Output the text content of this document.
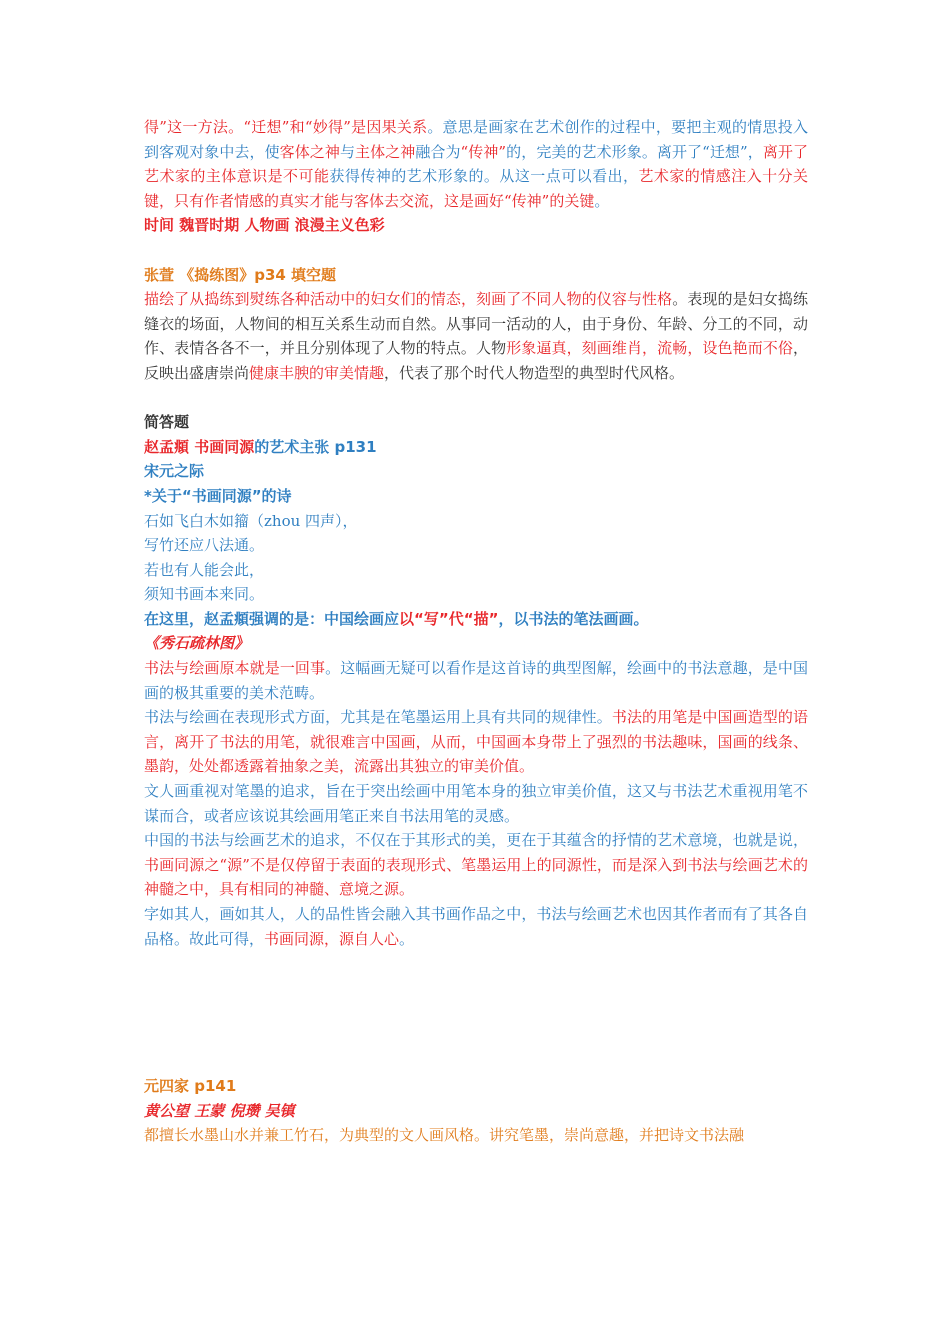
得”这一方法。“迁想”和“妙得”是因果关系。意思是画家在艺术创作的过程中，要把主观的情思投入到客观对象中去，使客体之神与主体之神融合为“传神”的，完美的艺术形象。离开了“迁想”，离开了艺术家的主体意识是不可能获得传神的艺术形象的。从这一点可以看出，艺术家的情感注入十分关键，只有作者情感的真实才能与客体去交流，这是画好“传神”的关键。

时间 魏晋时期 人物画 浪漫主义色彩

张萱 《捣练图》p34 填空题

描绘了从捣练到熨练各种活动中的妇女们的情态，刻画了不同人物的仪容与性格。表现的是妇女捣练缝衣的场面，人物间的相互关系生动而自然。从事同一活动的人，由于身份、年龄、分工的不同，动作、表情各各不一，并且分别体现了人物的特点。人物形象逼真，刻画维肖，流畅，设色艳而不俗，反映出盛唐崇尚健康丰腴的审美情趣，代表了那个时代人物造型的典型时代风格。

简答题

赵孟頫 书画同源的艺术主张 p131

宋元之际

*关于“书画同源”的诗

石如飞白木如籀（zhou 四声），

写竹还应八法通。

若也有人能会此，

须知书画本来同。

在这里，赵孟頫强调的是：中国绘画应以“写”代“描”，以书法的笔法画画。

《秀石疏林图》

书法与绘画原本就是一回事。这幅画无疑可以看作是这首诗的典型图解，绘画中的书法意趣，是中国画的极其重要的美术范畴。

书法与绘画在表现形式方面，尤其是在笔墨运用上具有共同的规律性。书法的用笔是中国画造型的语言，离开了书法的用笔，就很难言中国画，从而，中国画本身带上了强烈的书法趣味，国画的线条、墨韵，处处都透露着抽象之美，流露出其独立的审美价值。

文人画重视对笔墨的追求，旨在于突出绘画中用笔本身的独立审美价值，这又与书法艺术重视用笔不谋而合，或者应该说其绘画用笔正来自书法用笔的灵感。

中国的书法与绘画艺术的追求，不仅在于其形式的美，更在于其蕴含的抒情的艺术意境，也就是说，书画同源之“源”不是仅停留于表面的表现形式、笔墨运用上的同源性，而是深入到书法与绘画艺术的神髓之中，具有相同的神髓、意境之源。

字如其人，画如其人，人的品性皆会融入其书画作品之中，书法与绘画艺术也因其作者而有了其各自品格。故此可得，书画同源，源自人心。

元四家 p141

黄公望 王蒙 倪瓒 吴镇

都擅长水墨山水并兼工竹石，为典型的文人画风格。讲究笔墨，崇尚意趣，并把诗文书法融
